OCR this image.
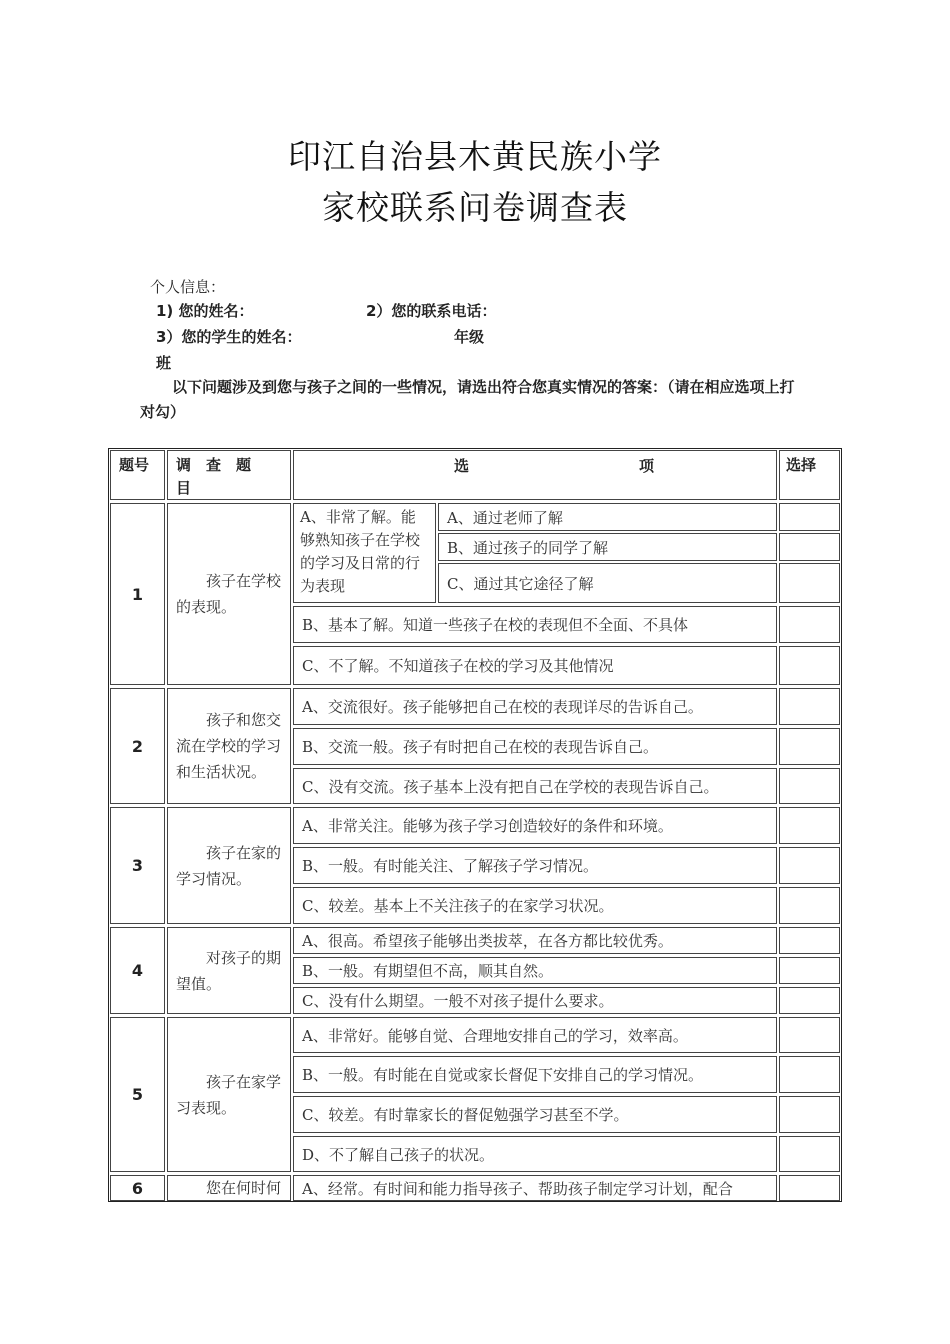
印江自治县木黄民族小学
家校联系问卷调查表
个人信息：
1) 您的姓名：	2）您的联系电话：
3）您的学生的姓名：	年级
班
以下问题涉及到您与孩子之间的一些情况，请选出符合您真实情况的答案：（请在相应选项上打
对勾）
题号	调　查　题
目
选	项	选择
1
孩子在学校的表现。
A、非常了解。能够熟知孩子在学校的学习及日常的行为表现
A、通过老师了解
B、通过孩子的同学了解
C、通过其它途径了解
B、基本了解。知道一些孩子在校的表现但不全面、不具体
C、不了解。不知道孩子在校的学习及其他情况
2
孩子和您交流在学校的学习和生活状况。
A、交流很好。孩子能够把自己在校的表现详尽的告诉自己。
B、交流一般。孩子有时把自己在校的表现告诉自己。
C、没有交流。孩子基本上没有把自己在学校的表现告诉自己。
3
孩子在家的学习情况。
A、非常关注。能够为孩子学习创造较好的条件和环境。
B、一般。有时能关注、了解孩子学习情况。
C、较差。基本上不关注孩子的在家学习状况。
4
对孩子的期望值。
A、很高。希望孩子能够出类拔萃，在各方都比较优秀。
B、一般。有期望但不高，顺其自然。
C、没有什么期望。一般不对孩子提什么要求。
5
孩子在家学习表现。
A、非常好。能够自觉、合理地安排自己的学习，效率高。
B、一般。有时能在自觉或家长督促下安排自己的学习情况。
C、较差。有时靠家长的督促勉强学习甚至不学。
D、不了解自己孩子的状况。
6	您在何时何	A、经常。有时间和能力指导孩子、帮助孩子制定学习计划，配合
